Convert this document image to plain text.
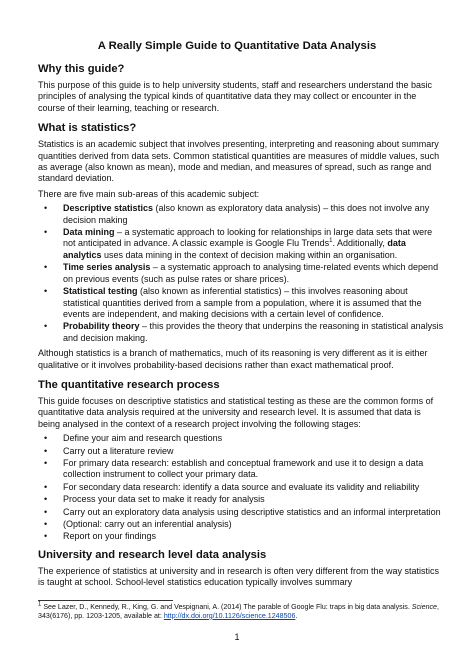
A Really Simple Guide to Quantitative Data Analysis
Why this guide?

This purpose of this guide is to help university students, staff and researchers understand the basic principles of analysing the typical kinds of quantitative data they may collect or encounter in the course of their learning, teaching or research.

What is statistics?

Statistics is an academic subject that involves presenting, interpreting and reasoning about summary quantities derived from data sets. Common statistical quantities are measures of middle values, such as average (also known as mean), mode and median, and measures of spread, such as range and standard deviation.

There are five main sub-areas of this academic subject:

• Descriptive statistics (also known as exploratory data analysis) – this does not involve any decision making
• Data mining – a systematic approach to looking for relationships in large data sets that were not anticipated in advance. A classic example is Google Flu Trends$^1$. Additionally, data analytics uses data mining in the context of decision making within an organisation.
• Time series analysis – a systematic approach to analysing time-related events which depend on previous events (such as pulse rates or share prices).
• Statistical testing (also known as inferential statistics) – this involves reasoning about statistical quantities derived from a sample from a population, where it is assumed that the events are independent, and making decisions with a certain level of confidence.
• Probability theory – this provides the theory that underpins the reasoning in statistical analysis and decision making.

Although statistics is a branch of mathematics, much of its reasoning is very different as it is either qualitative or it involves probability-based decisions rather than exact mathematical proof.

The quantitative research process

This guide focuses on descriptive statistics and statistical testing as these are the common forms of quantitative data analysis required at the university and research level. It is assumed that data is being analysed in the context of a research project involving the following stages:

• Define your aim and research questions
• Carry out a literature review
• For primary data research: establish and conceptual framework and use it to design a data collection instrument to collect your primary data.
• For secondary data research: identify a data source and evaluate its validity and reliability
• Process your data set to make it ready for analysis
• Carry out an exploratory data analysis using descriptive statistics and an informal interpretation
• (Optional: carry out an inferential analysis)
• Report on your findings
University and research level data analysis

The experience of statistics at university and in research is often very different from the way statistics is taught at school. School-level statistics education typically involves summary

$^1$ See Lazer, D., Kennedy, R., King, G. and Vespignani, A. (2014) The parable of Google Flu: traps in big data analysis. Science, 343(6176), pp. 1203-1205, available at: http://dx.doi.org/10.1126/science.1248506.

1
